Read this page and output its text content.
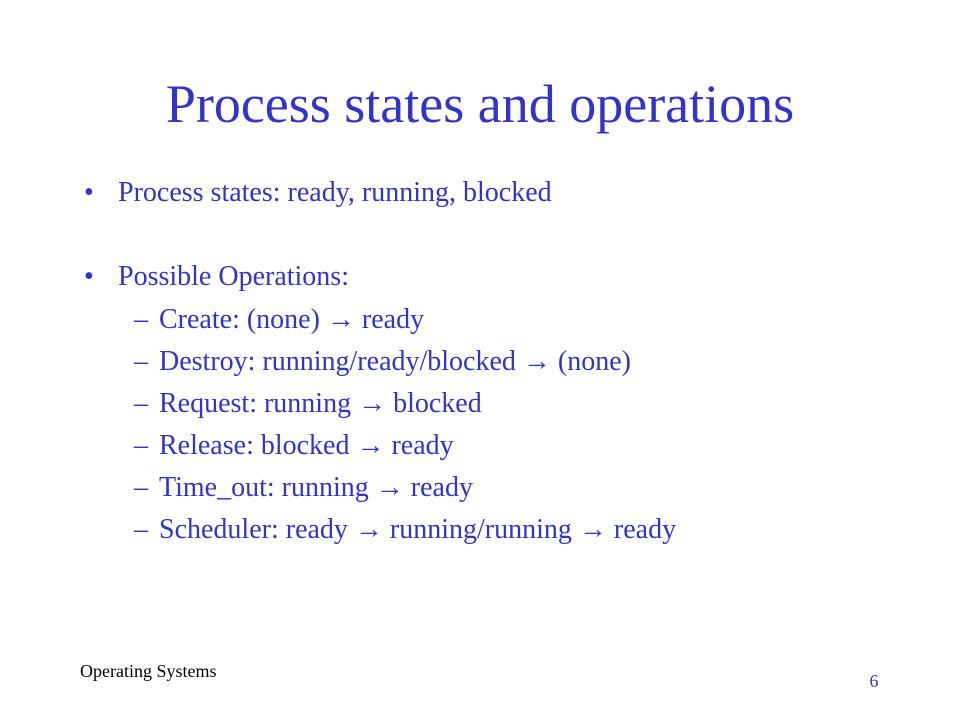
Process states and operations
• Process states: ready, running, blocked
• Possible Operations:
– Create: (none) → ready
– Destroy: running/ready/blocked → (none)
– Request: running → blocked
– Release: blocked → ready
– Time_out: running → ready
– Scheduler: ready → running/running → ready
Operating Systems	6
